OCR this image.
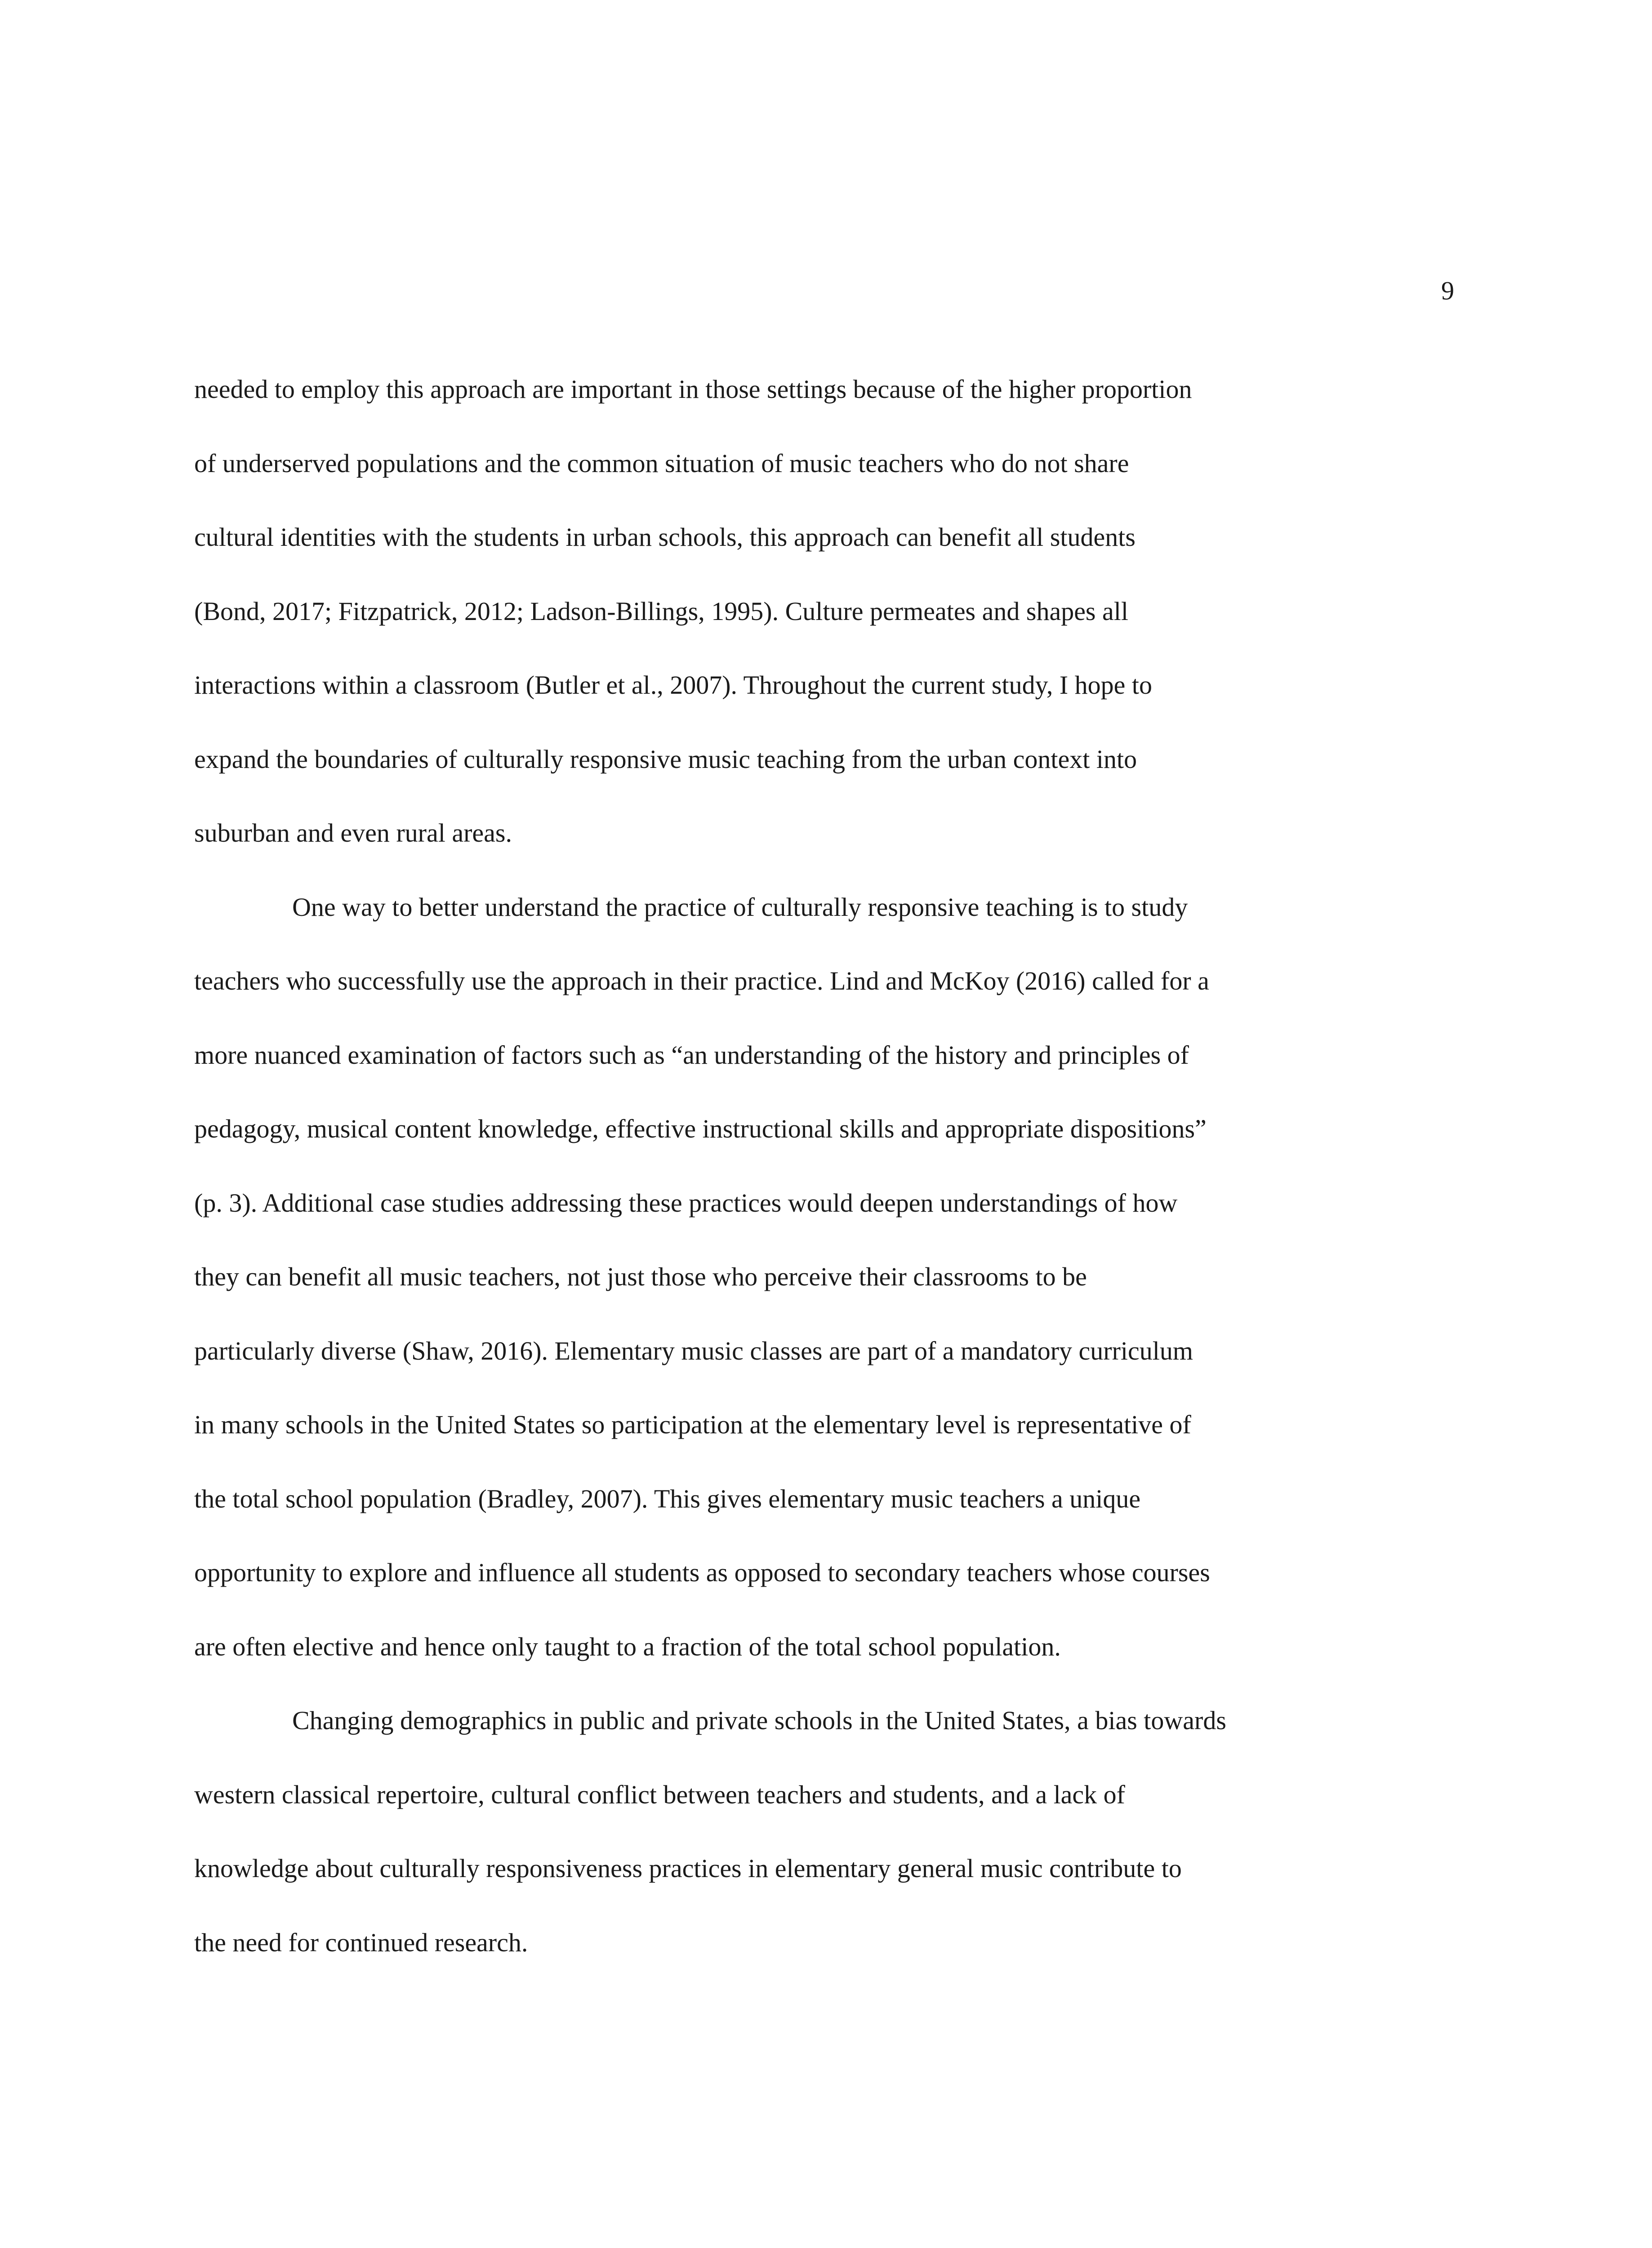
9
needed to employ this approach are important in those settings because of the higher proportion
of underserved populations and the common situation of music teachers who do not share
cultural identities with the students in urban schools, this approach can benefit all students
(Bond, 2017; Fitzpatrick, 2012; Ladson-Billings, 1995). Culture permeates and shapes all
interactions within a classroom (Butler et al., 2007). Throughout the current study, I hope to
expand the boundaries of culturally responsive music teaching from the urban context into
suburban and even rural areas.
One way to better understand the practice of culturally responsive teaching is to study
teachers who successfully use the approach in their practice. Lind and McKoy (2016) called for a
more nuanced examination of factors such as “an understanding of the history and principles of
pedagogy, musical content knowledge, effective instructional skills and appropriate dispositions”
(p. 3). Additional case studies addressing these practices would deepen understandings of how
they can benefit all music teachers, not just those who perceive their classrooms to be
particularly diverse (Shaw, 2016). Elementary music classes are part of a mandatory curriculum
in many schools in the United States so participation at the elementary level is representative of
the total school population (Bradley, 2007). This gives elementary music teachers a unique
opportunity to explore and influence all students as opposed to secondary teachers whose courses
are often elective and hence only taught to a fraction of the total school population.
Changing demographics in public and private schools in the United States, a bias towards
western classical repertoire, cultural conflict between teachers and students, and a lack of
knowledge about culturally responsiveness practices in elementary general music contribute to
the need for continued research.
